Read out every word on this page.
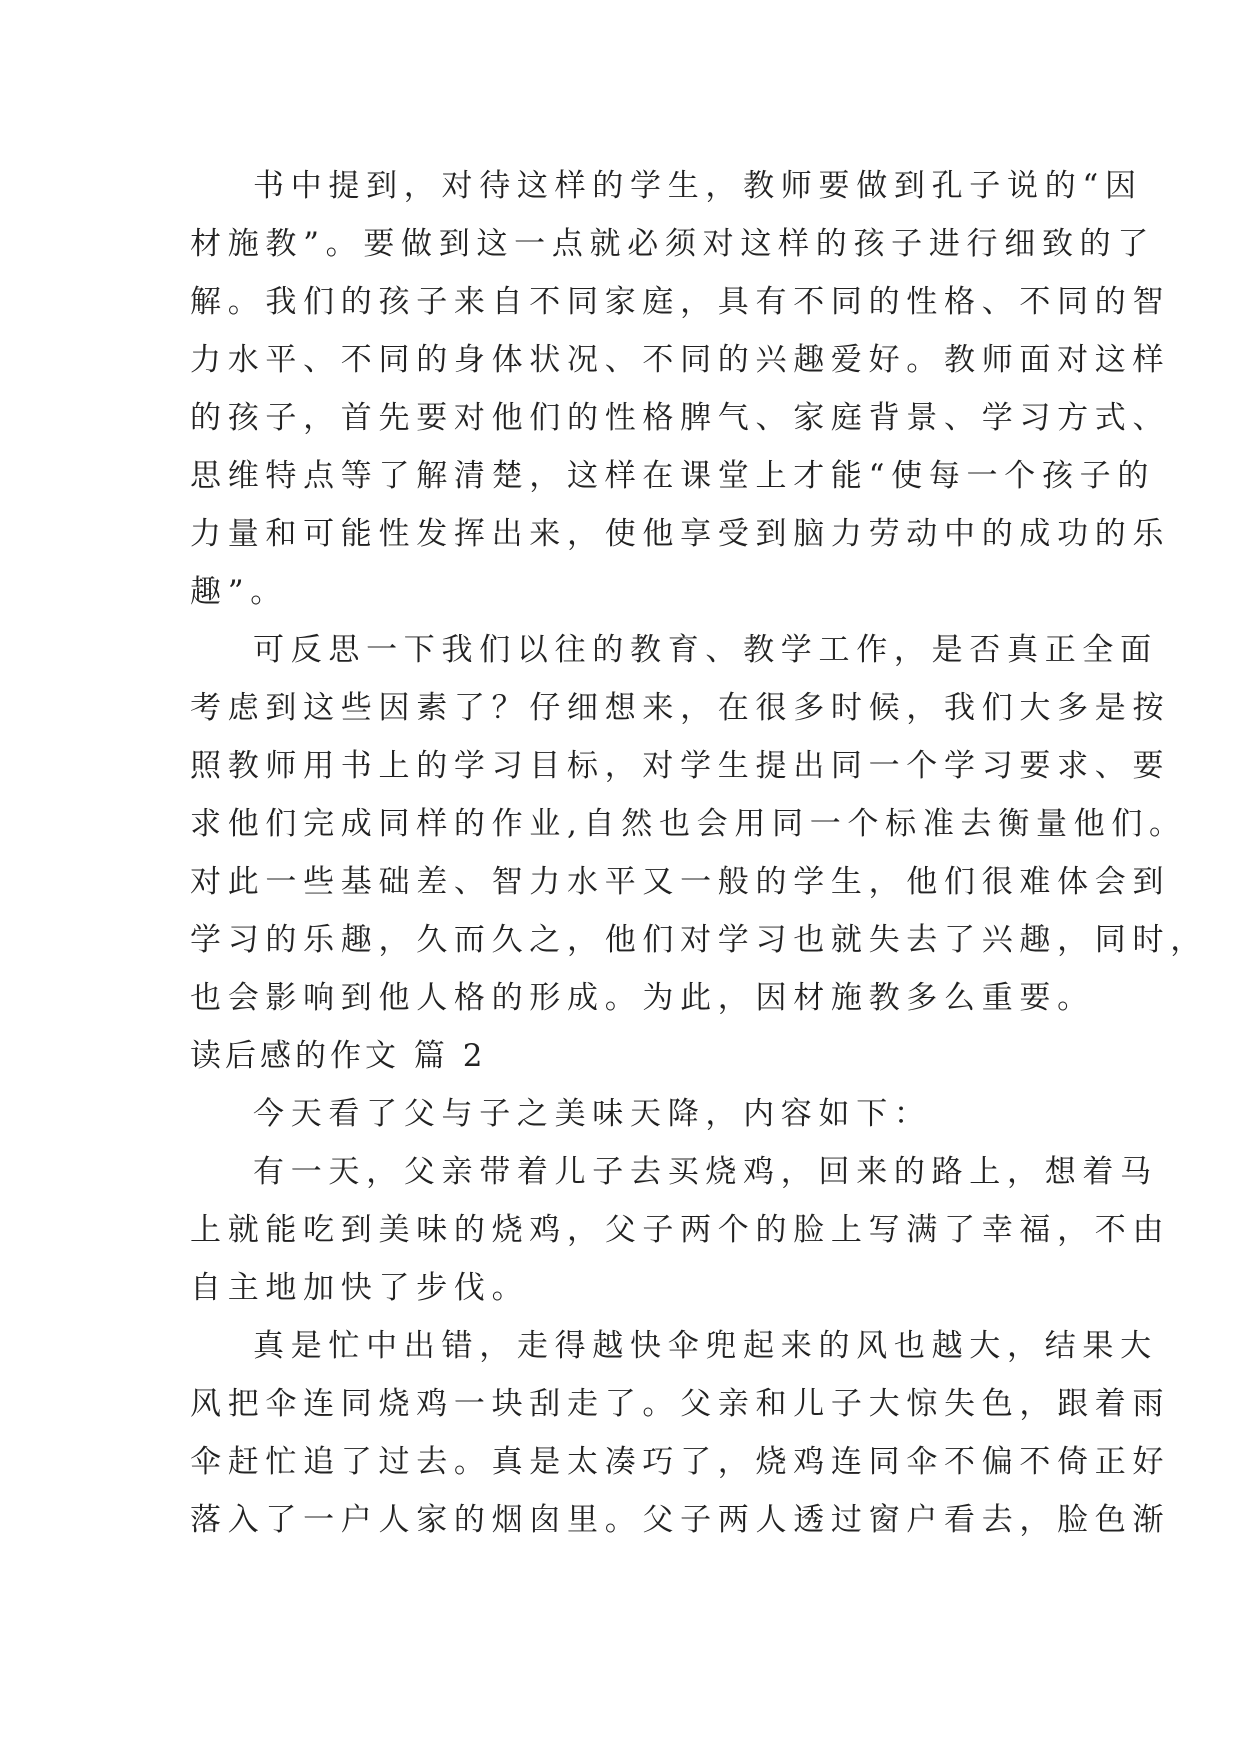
书中提到，对待这样的学生，教师要做到孔子说的“因
材施教”。要做到这一点就必须对这样的孩子进行细致的了
解。我们的孩子来自不同家庭，具有不同的性格、不同的智
力水平、不同的身体状况、不同的兴趣爱好。教师面对这样
的孩子，首先要对他们的性格脾气、家庭背景、学习方式、
思维特点等了解清楚，这样在课堂上才能“使每一个孩子的
力量和可能性发挥出来，使他享受到脑力劳动中的成功的乐
趣”。
可反思一下我们以往的教育、教学工作，是否真正全面
考虑到这些因素了？仔细想来，在很多时候，我们大多是按
照教师用书上的学习目标，对学生提出同一个学习要求、要
求他们完成同样的作业,自然也会用同一个标准去衡量他们。
对此一些基础差、智力水平又一般的学生，他们很难体会到
学习的乐趣，久而久之，他们对学习也就失去了兴趣，同时，
也会影响到他人格的形成。为此，因材施教多么重要。
读后感的作文 篇 2
今天看了父与子之美味天降，内容如下：
有一天，父亲带着儿子去买烧鸡，回来的路上，想着马
上就能吃到美味的烧鸡，父子两个的脸上写满了幸福，不由
自主地加快了步伐。
真是忙中出错，走得越快伞兜起来的风也越大，结果大
风把伞连同烧鸡一块刮走了。父亲和儿子大惊失色，跟着雨
伞赶忙追了过去。真是太凑巧了，烧鸡连同伞不偏不倚正好
落入了一户人家的烟囱里。父子两人透过窗户看去，脸色渐
